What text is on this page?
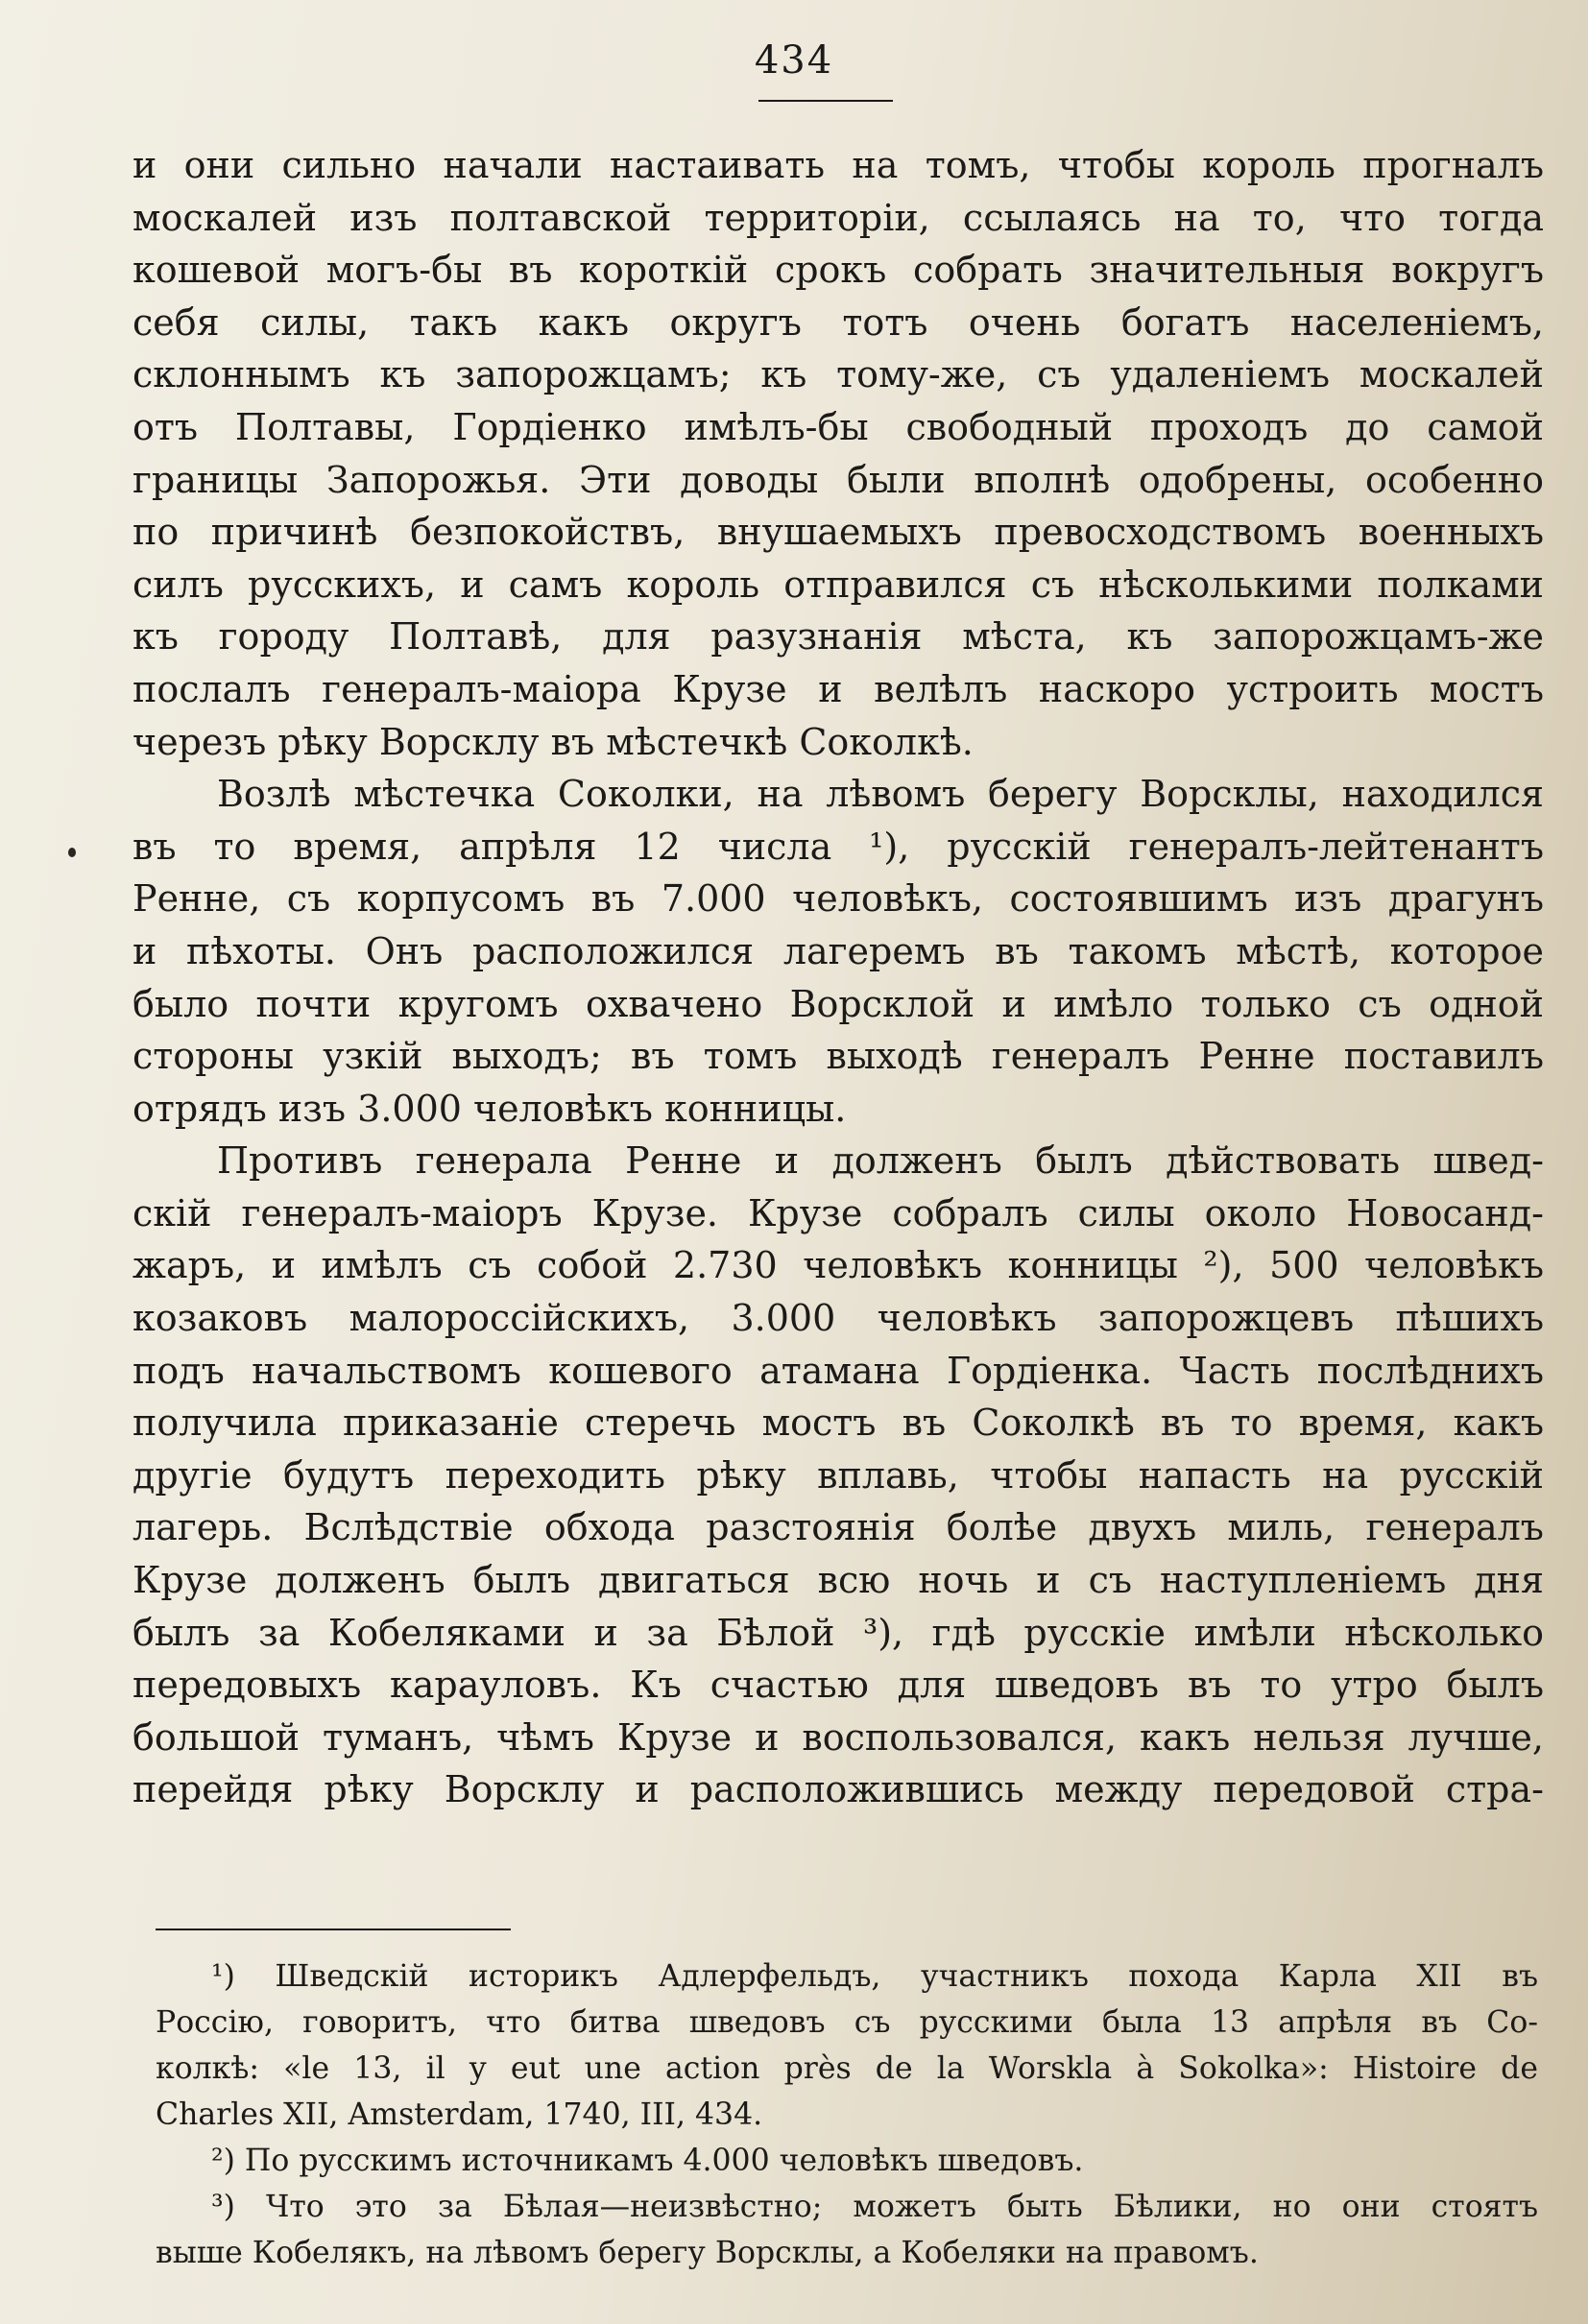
434
и они сильно начали настаивать на томъ, чтобы король прогналъ
москалей изъ полтавской территоріи, ссылаясь на то, что тогда
кошевой могъ-бы въ короткій срокъ собрать значительныя вокругъ
себя силы, такъ какъ округъ тотъ очень богатъ населеніемъ,
склоннымъ къ запорожцамъ; къ тому-же, съ удаленіемъ москалей
отъ Полтавы, Гордіенко имѣлъ-бы свободный проходъ до самой
границы Запорожья. Эти доводы были вполнѣ одобрены, особенно
по причинѣ безпокойствъ, внушаемыхъ превосходствомъ военныхъ
силъ русскихъ, и самъ король отправился съ нѣсколькими полками
къ городу Полтавѣ, для разузнанія мѣста, къ запорожцамъ-же
послалъ генералъ-маіора Крузе и велѣлъ наскоро устроить мостъ
черезъ рѣку Ворсклу въ мѣстечкѣ Соколкѣ.
Возлѣ мѣстечка Соколки, на лѣвомъ берегу Ворсклы, находился
въ то время, апрѣля 12 числа ¹), русскій генералъ-лейтенантъ
Ренне, съ корпусомъ въ 7.000 человѣкъ, состоявшимъ изъ драгунъ
и пѣхоты. Онъ расположился лагеремъ въ такомъ мѣстѣ, которое
было почти кругомъ охвачено Ворсклой и имѣло только съ одной
стороны узкій выходъ; въ томъ выходѣ генералъ Ренне поставилъ
отрядъ изъ 3.000 человѣкъ конницы.
Противъ генерала Ренне и долженъ былъ дѣйствовать швед-
скій генералъ-маіоръ Крузе. Крузе собралъ силы около Новосанд-
жаръ, и имѣлъ съ собой 2.730 человѣкъ конницы ²), 500 человѣкъ
козаковъ малороссійскихъ, 3.000 человѣкъ запорожцевъ пѣшихъ
подъ начальствомъ кошевого атамана Гордіенка. Часть послѣднихъ
получила приказаніе стеречь мостъ въ Соколкѣ въ то время, какъ
другіе будутъ переходить рѣку вплавь, чтобы напасть на русскій
лагерь. Вслѣдствіе обхода разстоянія болѣе двухъ миль, генералъ
Крузе долженъ былъ двигаться всю ночь и съ наступленіемъ дня
былъ за Кобеляками и за Бѣлой ³), гдѣ русскіе имѣли нѣсколько
передовыхъ карауловъ. Къ счастью для шведовъ въ то утро былъ
большой туманъ, чѣмъ Крузе и воспользовался, какъ нельзя лучше,
перейдя рѣку Ворсклу и расположившись между передовой стра-
¹) Шведскій историкъ Адлерфельдъ, участникъ похода Карла XII въ
Россію, говоритъ, что битва шведовъ съ русскими была 13 апрѣля въ Со-
колкѣ: «le 13, il y eut une action près de la Worskla à Sokolka»: Histoire de
Charles XII, Amsterdam, 1740, III, 434.
²) По русскимъ источникамъ 4.000 человѣкъ шведовъ.
³) Что это за Бѣлая—неизвѣстно; можетъ быть Бѣлики, но они стоятъ
выше Кобелякъ, на лѣвомъ берегу Ворсклы, а Кобеляки на правомъ.
